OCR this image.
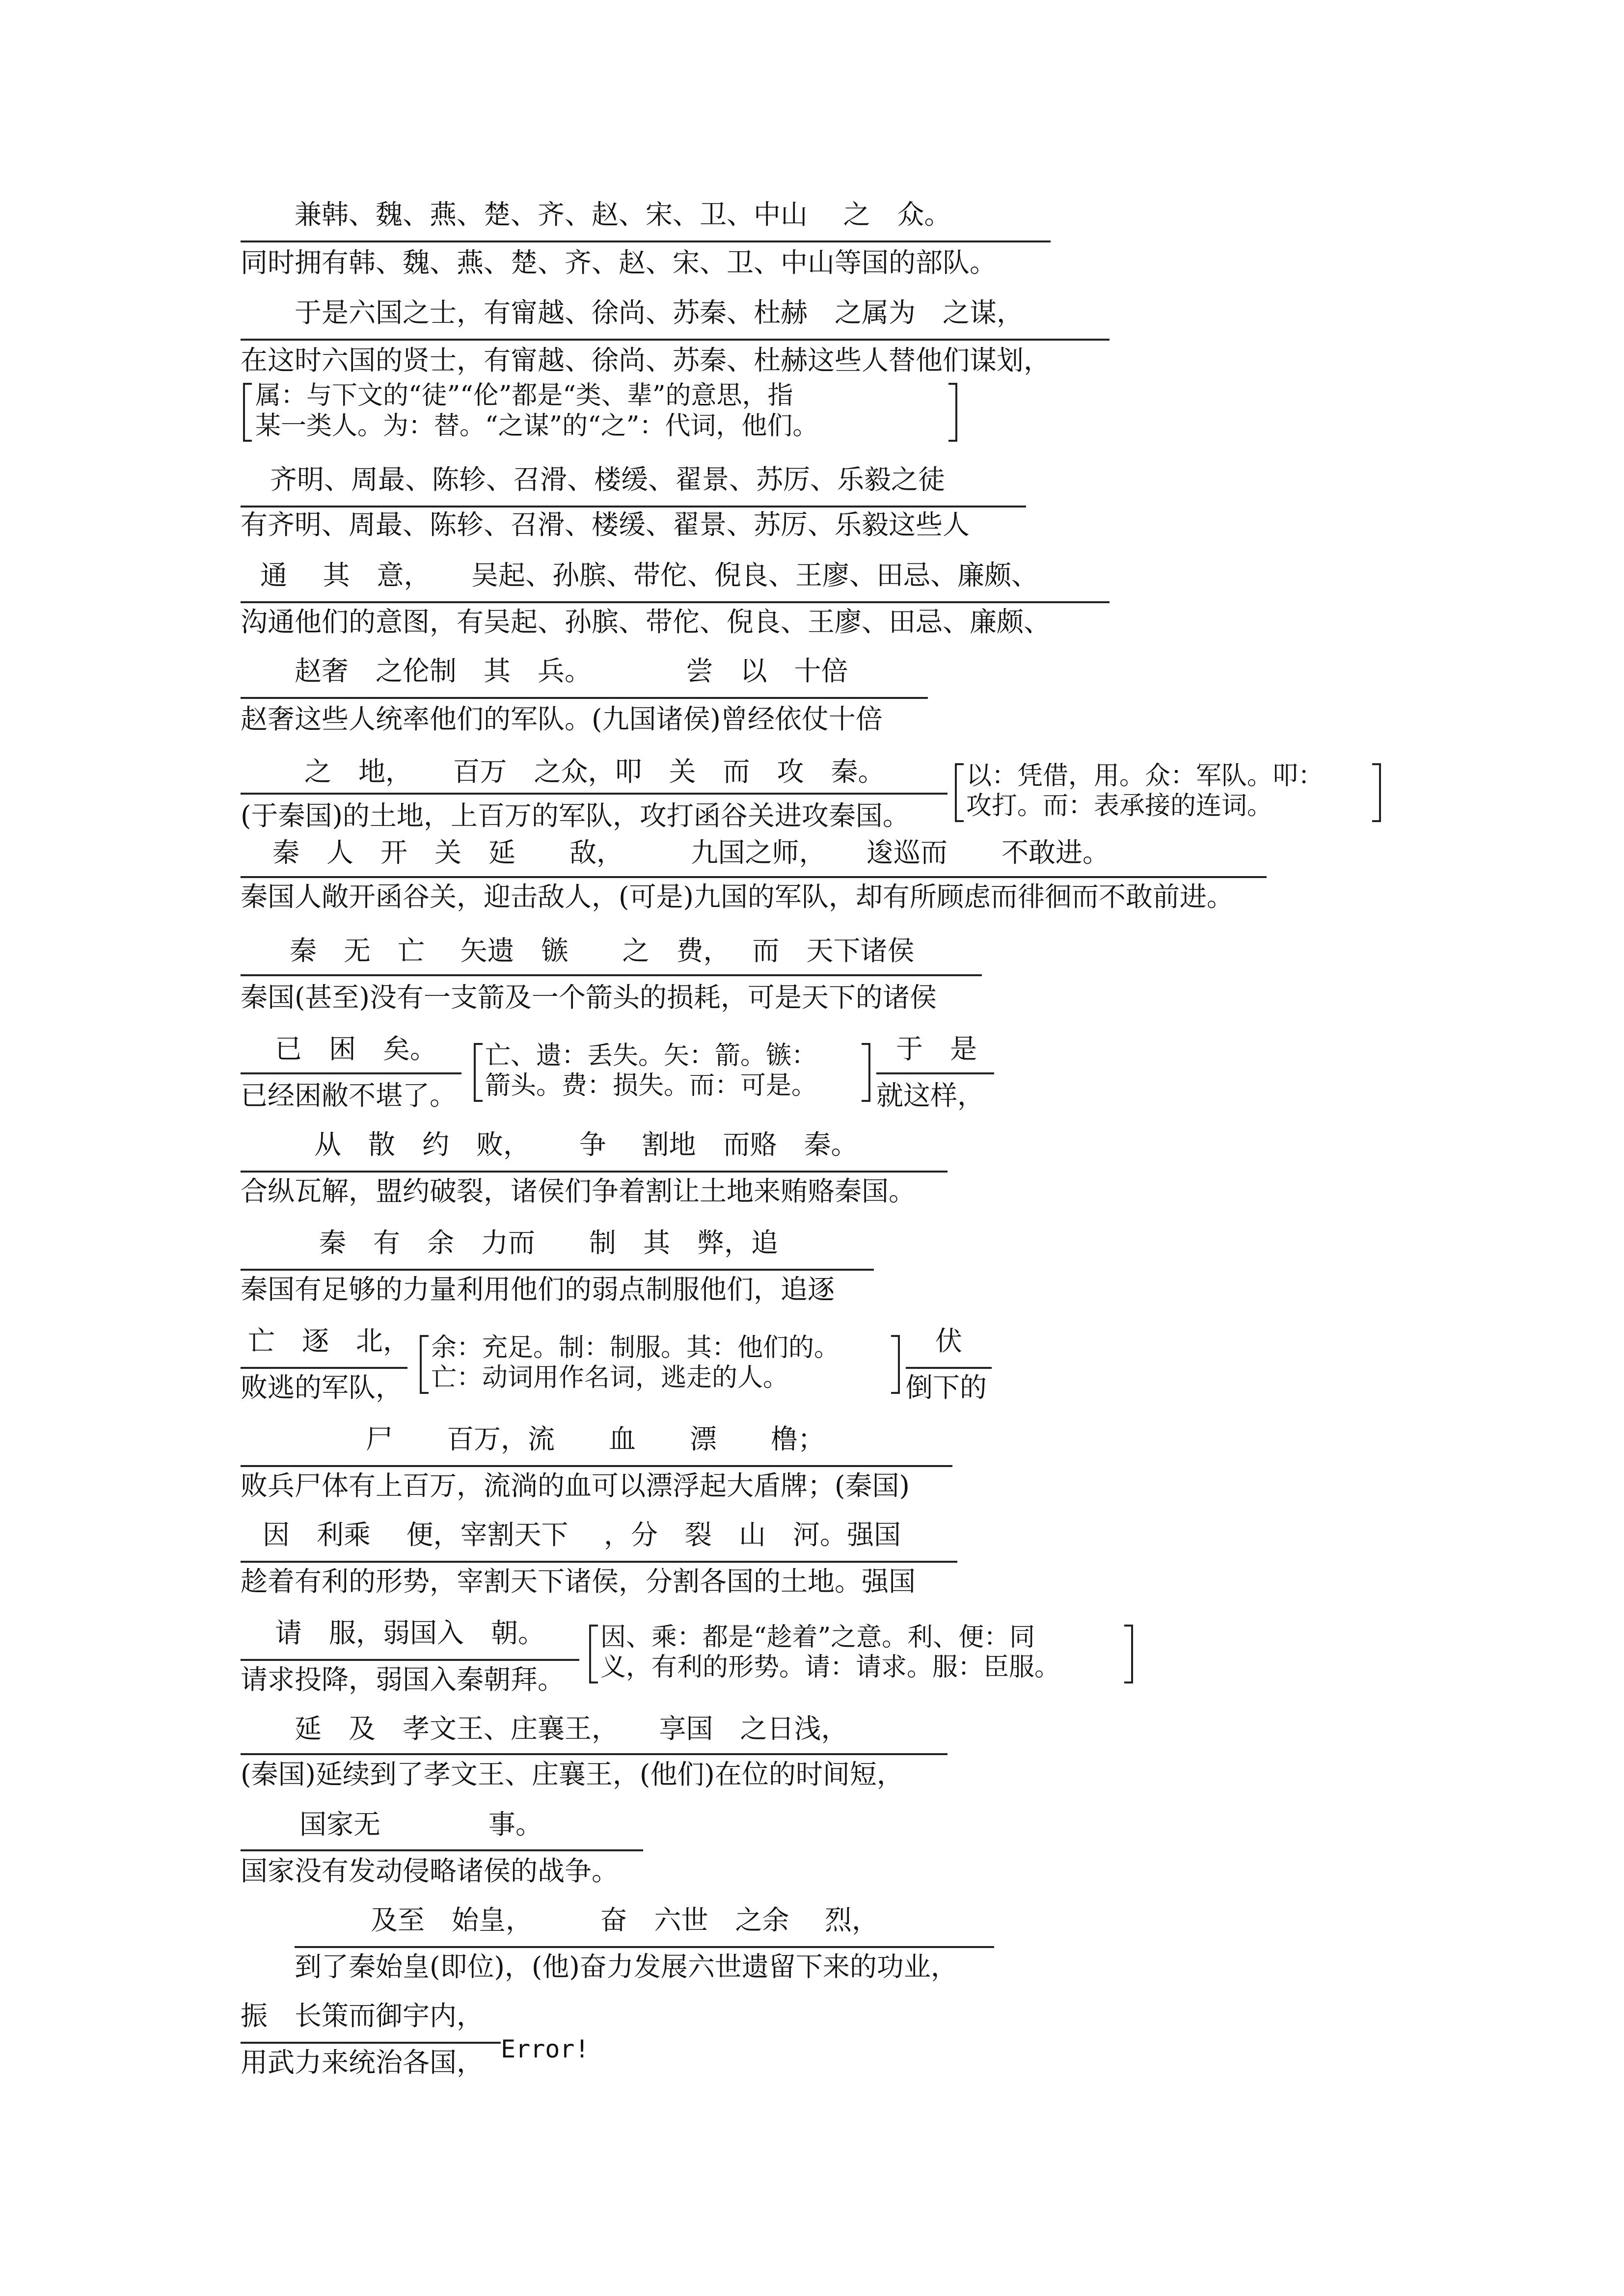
兼韩、魏、燕、楚、齐、赵、宋、卫、中山　 之　众。
同时拥有韩、魏、燕、楚、齐、赵、宋、卫、中山等国的部队。
于是六国之士，有甯越、徐尚、苏秦、杜赫　之属为　之谋，
在这时六国的贤士，有甯越、徐尚、苏秦、杜赫这些人替他们谋划，
属：与下文的“徒”“伦”都是“类、辈”的意思，指
某一类人。为：替。“之谋”的“之”：代词，他们。
齐明、周最、陈轸、召滑、楼缓、翟景、苏厉、乐毅之徒
有齐明、周最、陈轸、召滑、楼缓、翟景、苏厉、乐毅这些人
通　 其　意，　　吴起、孙膑、带佗、倪良、王廖、田忌、廉颇、
沟通他们的意图，有吴起、孙膑、带佗、倪良、王廖、田忌、廉颇、
赵奢　之伦制　其　兵。　　　　尝　以　十倍
赵奢这些人统率他们的军队。(九国诸侯)曾经依仗十倍
之　地，　　百万　之众，叩　关　而　攻　秦。
(于秦国)的土地，上百万的军队，攻打函谷关进攻秦国。
以：凭借，用。众：军队。叩：
攻打。而：表承接的连词。
秦　人　开　关　延　　敌，　　　九国之师，　　逡巡而　　不敢进。
秦国人敞开函谷关，迎击敌人，(可是)九国的军队，却有所顾虑而徘徊而不敢前进。
秦　无　亡　 矢遗　镞　　之　费，　 而　天下诸侯
秦国(甚至)没有一支箭及一个箭头的损耗，可是天下的诸侯
已　困　矣。
已经困敝不堪了。
亡、遗：丢失。矢：箭。镞：
箭头。费：损失。而：可是。
于　是
就这样，
从　散　约　败，　　 争　 割地　而赂　秦。
合纵瓦解，盟约破裂，诸侯们争着割让土地来贿赂秦国。
秦　有　余　力而　　制　其　弊，追
秦国有足够的力量利用他们的弱点制服他们，追逐
亡　逐　北，
败逃的军队，
余：充足。制：制服。其：他们的。
亡：动词用作名词，逃走的人。
伏
倒下的
尸　　百万，流　　血　　漂　　橹；
败兵尸体有上百万，流淌的血可以漂浮起大盾牌；(秦国)
因　利乘　 便，宰割天下　 ，分　裂　山　河。强国
趁着有利的形势，宰割天下诸侯，分割各国的土地。强国
请　服，弱国入　朝。
请求投降，弱国入秦朝拜。
因、乘：都是“趁着”之意。利、便：同
义，有利的形势。请：请求。服：臣服。
延　及　孝文王、庄襄王，　　享国　之日浅，
(秦国)延续到了孝文王、庄襄王，(他们)在位的时间短，
国家无　　　　事。
国家没有发动侵略诸侯的战争。
及至　始皇，　　　奋　六世　之余　 烈，
到了秦始皇(即位)，(他)奋力发展六世遗留下来的功业，
振　长策而御宇内，
用武力来统治各国， Error!
